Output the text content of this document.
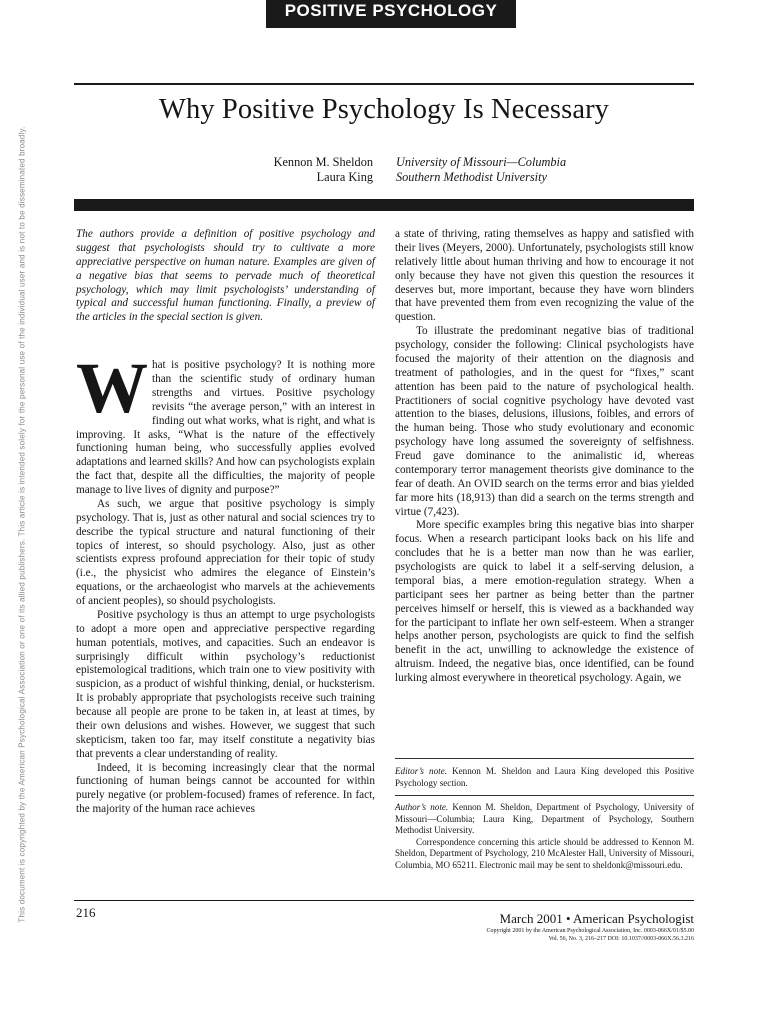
POSITIVE PSYCHOLOGY
Why Positive Psychology Is Necessary
Kennon M. Sheldon
Laura King
University of Missouri—Columbia
Southern Methodist University

The authors provide a definition of positive psychology and suggest that psychologists should try to cultivate a more appreciative perspective on human nature. Examples are given of a negative bias that seems to pervade much of theoretical psychology, which may limit psychologists’ understanding of typical and successful human functioning. Finally, a preview of the articles in the special section is given.

What is positive psychology? It is nothing more than the scientific study of ordinary human strengths and virtues. Positive psychology revisits “the average person,” with an interest in finding out what works, what is right, and what is improving. It asks, “What is the nature of the effectively functioning human being, who successfully applies evolved adaptations and learned skills? And how can psychologists explain the fact that, despite all the difficulties, the majority of people manage to live lives of dignity and purpose?”

As such, we argue that positive psychology is simply psychology. That is, just as other natural and social sciences try to describe the typical structure and natural functioning of their topics of interest, so should psychology. Also, just as other scientists express profound appreciation for their topic of study (i.e., the physicist who admires the elegance of Einstein’s equations, or the archaeologist who marvels at the achievements of ancient peoples), so should psychologists.

Positive psychology is thus an attempt to urge psychologists to adopt a more open and appreciative perspective regarding human potentials, motives, and capacities. Such an endeavor is surprisingly difficult within psychology’s reductionist epistemological traditions, which train one to view positivity with suspicion, as a product of wishful thinking, denial, or hucksterism. It is probably appropriate that psychologists receive such training because all people are prone to be taken in, at least at times, by their own delusions and wishes. However, we suggest that such skepticism, taken too far, may itself constitute a negativity bias that prevents a clear understanding of reality.

Indeed, it is becoming increasingly clear that the normal functioning of human beings cannot be accounted for within purely negative (or problem-focused) frames of reference. In fact, the majority of the human race achieves

a state of thriving, rating themselves as happy and satisfied with their lives (Meyers, 2000). Unfortunately, psychologists still know relatively little about human thriving and how to encourage it not only because they have not given this question the resources it deserves but, more important, because they have worn blinders that have prevented them from even recognizing the value of the question.

To illustrate the predominant negative bias of traditional psychology, consider the following: Clinical psychologists have focused the majority of their attention on the diagnosis and treatment of pathologies, and in the quest for “fixes,” scant attention has been paid to the nature of psychological health. Practitioners of social cognitive psychology have devoted vast attention to the biases, delusions, illusions, foibles, and errors of the human being. Those who study evolutionary and economic psychology have long assumed the sovereignty of selfishness. Freud gave dominance to the animalistic id, whereas contemporary terror management theorists give dominance to the fear of death. An OVID search on the terms error and bias yielded far more hits (18,913) than did a search on the terms strength and virtue (7,423).

More specific examples bring this negative bias into sharper focus. When a research participant looks back on his life and concludes that he is a better man now than he was earlier, psychologists are quick to label it a self-serving delusion, a temporal bias, a mere emotion-regulation strategy. When a participant sees her partner as being better than the partner perceives himself or herself, this is viewed as a backhanded way for the participant to inflate her own self-esteem. When a stranger helps another person, psychologists are quick to find the selfish benefit in the act, unwilling to acknowledge the existence of altruism. Indeed, the negative bias, once identified, can be found lurking almost everywhere in theoretical psychology. Again, we

Editor’s note. Kennon M. Sheldon and Laura King developed this Positive Psychology section.

Author’s note. Kennon M. Sheldon, Department of Psychology, University of Missouri—Columbia; Laura King, Department of Psychology, Southern Methodist University.

Correspondence concerning this article should be addressed to Kennon M. Sheldon, Department of Psychology, 210 McAlester Hall, University of Missouri, Columbia, MO 65211. Electronic mail may be sent to sheldonk@missouri.edu.

216	March 2001 • American Psychologist
Copyright 2001 by the American Psychological Association, Inc. 0003-066X/01/$5.00
Vol. 56, No. 3, 216–217 DOI: 10.1037//0003-066X.56.3.216
This document is copyrighted by the American Psychological Association or one of its allied publishers. This article is intended solely for the personal use of the individual user and is not to be disseminated broadly.
